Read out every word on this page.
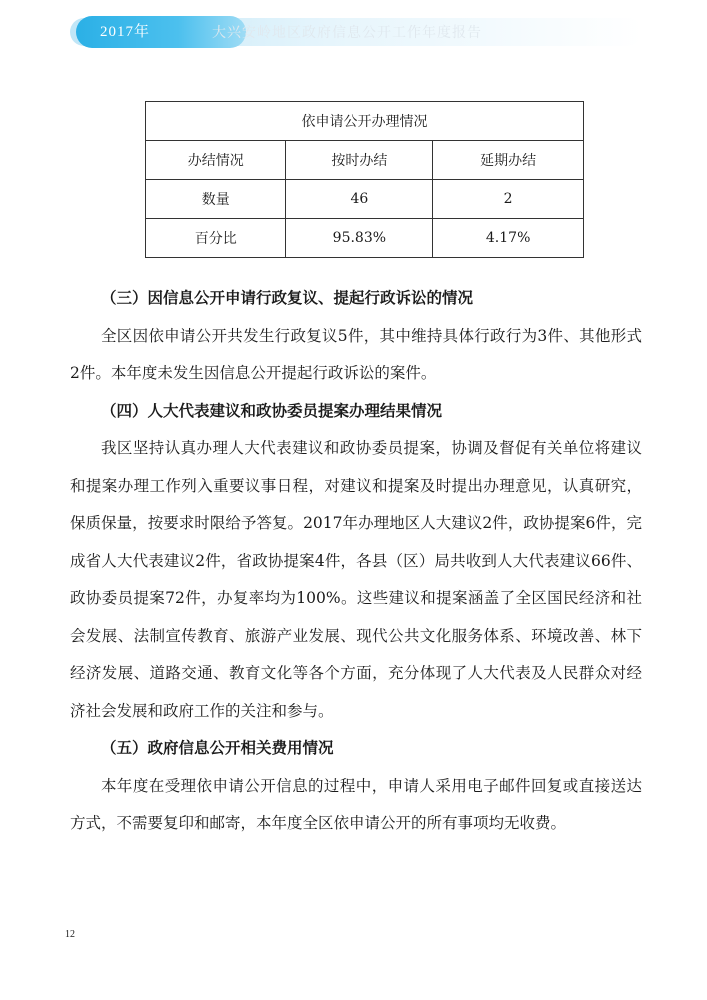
2017年	大兴安岭地区政府信息公开工作年度报告
依申请公开办理情况		
办结情况	按时办结	延期办结
数量	46	2
百分比	95.83%	4.17%
（三）因信息公开申请行政复议、提起行政诉讼的情况

全区因依申请公开共发生行政复议5件，其中维持具体行政行为3件、其他形式2件。本年度未发生因信息公开提起行政诉讼的案件。

（四）人大代表建议和政协委员提案办理结果情况

我区坚持认真办理人大代表建议和政协委员提案，协调及督促有关单位将建议和提案办理工作列入重要议事日程，对建议和提案及时提出办理意见，认真研究，保质保量，按要求时限给予答复。2017年办理地区人大建议2件，政协提案6件，完成省人大代表建议2件，省政协提案4件，各县（区）局共收到人大代表建议66件、政协委员提案72件，办复率均为100%。这些建议和提案涵盖了全区国民经济和社会发展、法制宣传教育、旅游产业发展、现代公共文化服务体系、环境改善、林下经济发展、道路交通、教育文化等各个方面，充分体现了人大代表及人民群众对经济社会发展和政府工作的关注和参与。

（五）政府信息公开相关费用情况

本年度在受理依申请公开信息的过程中，申请人采用电子邮件回复或直接送达方式，不需要复印和邮寄，本年度全区依申请公开的所有事项均无收费。

12
